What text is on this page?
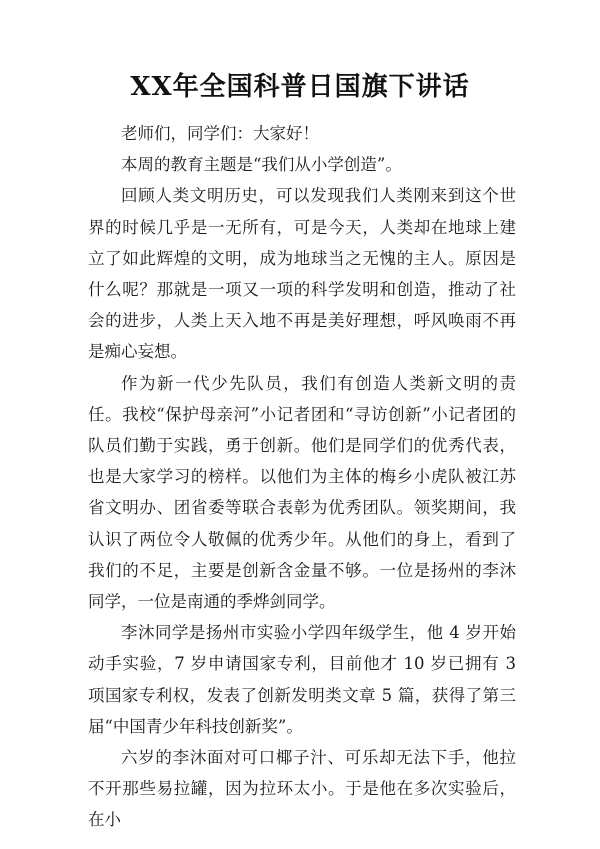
XX年全国科普日国旗下讲话

老师们，同学们：大家好！

本周的教育主题是“我们从小学创造”。

回顾人类文明历史，可以发现我们人类刚来到这个世界的时候几乎是一无所有，可是今天，人类却在地球上建立了如此辉煌的文明，成为地球当之无愧的主人。原因是什么呢？那就是一项又一项的科学发明和创造，推动了社会的进步，人类上天入地不再是美好理想，呼风唤雨不再是痴心妄想。

作为新一代少先队员，我们有创造人类新文明的责任。我校“保护母亲河”小记者团和“寻访创新”小记者团的队员们勤于实践，勇于创新。他们是同学们的优秀代表，也是大家学习的榜样。以他们为主体的梅乡小虎队被江苏省文明办、团省委等联合表彰为优秀团队。领奖期间，我认识了两位令人敬佩的优秀少年。从他们的身上，看到了我们的不足，主要是创新含金量不够。一位是扬州的李沐同学，一位是南通的季烨剑同学。

李沐同学是扬州市实验小学四年级学生，他 4 岁开始动手实验，7 岁申请国家专利，目前他才 10 岁已拥有 3 项国家专利权，发表了创新发明类文章 5 篇，获得了第三届“中国青少年科技创新奖”。

六岁的李沐面对可口椰子汁、可乐却无法下手，他拉不开那些易拉罐，因为拉环太小。于是他在多次实验后，在小
